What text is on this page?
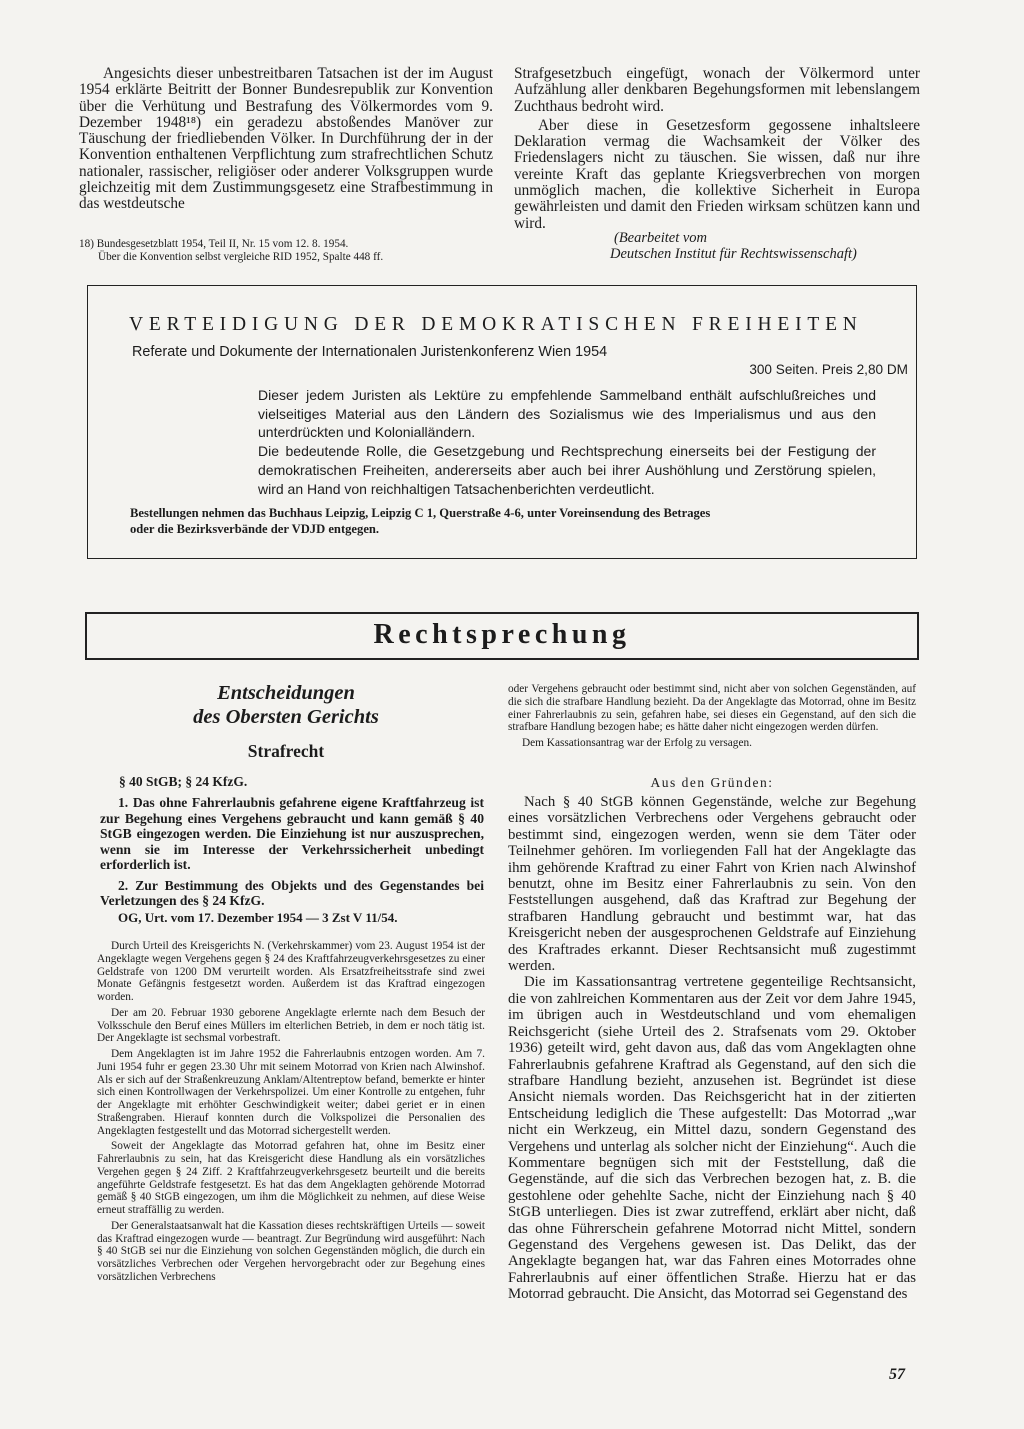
Angesichts dieser unbestreitbaren Tatsachen ist der im August 1954 erklärte Beitritt der Bonner Bundesrepublik zur Konvention über die Verhütung und Bestrafung des Völkermordes vom 9. Dezember 1948¹⁸) ein geradezu abstoßendes Manöver zur Täuschung der friedliebenden Völker. In Durchführung der in der Konvention enthaltenen Verpflichtung zum strafrechtlichen Schutz nationaler, rassischer, religiöser oder anderer Volksgruppen wurde gleichzeitig mit dem Zustimmungsgesetz eine Strafbestimmung in das westdeutsche

18) Bundesgesetzblatt 1954, Teil II, Nr. 15 vom 12. 8. 1954.

Über die Konvention selbst vergleiche RID 1952, Spalte 448 ff.

Strafgesetzbuch eingefügt, wonach der Völkermord unter Aufzählung aller denkbaren Begehungsformen mit lebenslangem Zuchthaus bedroht wird.

Aber diese in Gesetzesform gegossene inhaltsleere Deklaration vermag die Wachsamkeit der Völker des Friedenslagers nicht zu täuschen. Sie wissen, daß nur ihre vereinte Kraft das geplante Kriegsverbrechen von morgen unmöglich machen, die kollektive Sicherheit in Europa gewährleisten und damit den Frieden wirksam schützen kann und wird.

(Bearbeitet vom

Deutschen Institut für Rechtswissenschaft)

VERTEIDIGUNG DER DEMOKRATISCHEN FREIHEITEN
Referate und Dokumente der Internationalen Juristenkonferenz Wien 1954
300 Seiten. Preis 2,80 DM

Dieser jedem Juristen als Lektüre zu empfehlende Sammelband enthält aufschlußreiches und vielseitiges Material aus den Ländern des Sozialismus wie des Imperialismus und aus den unterdrückten und Kolonialländern.

Die bedeutende Rolle, die Gesetzgebung und Rechtsprechung einerseits bei der Festigung der demokratischen Freiheiten, andererseits aber auch bei ihrer Aushöhlung und Zerstörung spielen, wird an Hand von reichhaltigen Tatsachenberichten verdeutlicht.

Bestellungen nehmen das Buchhaus Leipzig, Leipzig C 1, Querstraße 4-6, unter Voreinsendung des Betrages

oder die Bezirksverbände der VDJD entgegen.

Rechtsprechung

Entscheidungen

des Obersten Gerichts

Strafrecht
§ 40 StGB; § 24 KfzG.

1. Das ohne Fahrerlaubnis gefahrene eigene Kraftfahrzeug ist zur Begehung eines Vergehens gebraucht und kann gemäß § 40 StGB eingezogen werden. Die Einziehung ist nur auszusprechen, wenn sie im Interesse der Verkehrssicherheit unbedingt erforderlich ist.

2. Zur Bestimmung des Objekts und des Gegenstandes bei Verletzungen des § 24 KfzG.

OG, Urt. vom 17. Dezember 1954 — 3 Zst V 11/54.

Durch Urteil des Kreisgerichts N. (Verkehrskammer) vom 23. August 1954 ist der Angeklagte wegen Vergehens gegen § 24 des Kraftfahrzeugverkehrsgesetzes zu einer Geldstrafe von 1200 DM verurteilt worden. Als Ersatzfreiheitsstrafe sind zwei Monate Gefängnis festgesetzt worden. Außerdem ist das Kraftrad eingezogen worden.

Der am 20. Februar 1930 geborene Angeklagte erlernte nach dem Besuch der Volksschule den Beruf eines Müllers im elterlichen Betrieb, in dem er noch tätig ist. Der Angeklagte ist sechsmal vorbestraft.

Dem Angeklagten ist im Jahre 1952 die Fahrerlaubnis entzogen worden. Am 7. Juni 1954 fuhr er gegen 23.30 Uhr mit seinem Motorrad von Krien nach Alwinshof. Als er sich auf der Straßenkreuzung Anklam/Altentreptow befand, bemerkte er hinter sich einen Kontrollwagen der Verkehrspolizei. Um einer Kontrolle zu entgehen, fuhr der Angeklagte mit erhöhter Geschwindigkeit weiter; dabei geriet er in einen Straßengraben. Hierauf konnten durch die Volkspolizei die Personalien des Angeklagten festgestellt und das Motorrad sichergestellt werden.

Soweit der Angeklagte das Motorrad gefahren hat, ohne im Besitz einer Fahrerlaubnis zu sein, hat das Kreisgericht diese Handlung als ein vorsätzliches Vergehen gegen § 24 Ziff. 2 Kraftfahrzeugverkehrsgesetz beurteilt und die bereits angeführte Geldstrafe festgesetzt. Es hat das dem Angeklagten gehörende Motorrad gemäß § 40 StGB eingezogen, um ihm die Möglichkeit zu nehmen, auf diese Weise erneut straffällig zu werden.

Der Generalstaatsanwalt hat die Kassation dieses rechtskräftigen Urteils — soweit das Kraftrad eingezogen wurde — beantragt. Zur Begründung wird ausgeführt: Nach § 40 StGB sei nur die Einziehung von solchen Gegenständen möglich, die durch ein vorsätzliches Verbrechen oder Vergehen hervorgebracht oder zur Begehung eines vorsätzlichen Verbrechens

oder Vergehens gebraucht oder bestimmt sind, nicht aber von solchen Gegenständen, auf die sich die strafbare Handlung bezieht. Da der Angeklagte das Motorrad, ohne im Besitz einer Fahrerlaubnis zu sein, gefahren habe, sei dieses ein Gegenstand, auf den sich die strafbare Handlung bezogen habe; es hätte daher nicht eingezogen werden dürfen.

Dem Kassationsantrag war der Erfolg zu versagen.

Aus den Gründen:

Nach § 40 StGB können Gegenstände, welche zur Begehung eines vorsätzlichen Verbrechens oder Vergehens gebraucht oder bestimmt sind, eingezogen werden, wenn sie dem Täter oder Teilnehmer gehören. Im vorliegenden Fall hat der Angeklagte das ihm gehörende Kraftrad zu einer Fahrt von Krien nach Alwinshof benutzt, ohne im Besitz einer Fahrerlaubnis zu sein. Von den Feststellungen ausgehend, daß das Kraftrad zur Begehung der strafbaren Handlung gebraucht und bestimmt war, hat das Kreisgericht neben der ausgesprochenen Geldstrafe auf Einziehung des Kraftrades erkannt. Dieser Rechtsansicht muß zugestimmt werden.

Die im Kassationsantrag vertretene gegenteilige Rechtsansicht, die von zahlreichen Kommentaren aus der Zeit vor dem Jahre 1945, im übrigen auch in Westdeutschland und vom ehemaligen Reichsgericht (siehe Urteil des 2. Strafsenats vom 29. Oktober 1936) geteilt wird, geht davon aus, daß das vom Angeklagten ohne Fahrerlaubnis gefahrene Kraftrad als Gegenstand, auf den sich die strafbare Handlung bezieht, anzusehen ist. Begründet ist diese Ansicht niemals worden. Das Reichsgericht hat in der zitierten Entscheidung lediglich die These aufgestellt: Das Motorrad „war nicht ein Werkzeug, ein Mittel dazu, sondern Gegenstand des Vergehens und unterlag als solcher nicht der Einziehung“. Auch die Kommentare begnügen sich mit der Feststellung, daß die Gegenstände, auf die sich das Verbrechen bezogen hat, z. B. die gestohlene oder gehehlte Sache, nicht der Einziehung nach § 40 StGB unterliegen. Dies ist zwar zutreffend, erklärt aber nicht, daß das ohne Führerschein gefahrene Motorrad nicht Mittel, sondern Gegenstand des Vergehens gewesen ist. Das Delikt, das der Angeklagte begangen hat, war das Fahren eines Motorrades ohne Fahrerlaubnis auf einer öffentlichen Straße. Hierzu hat er das Motorrad gebraucht. Die Ansicht, das Motorrad sei Gegenstand des

57
